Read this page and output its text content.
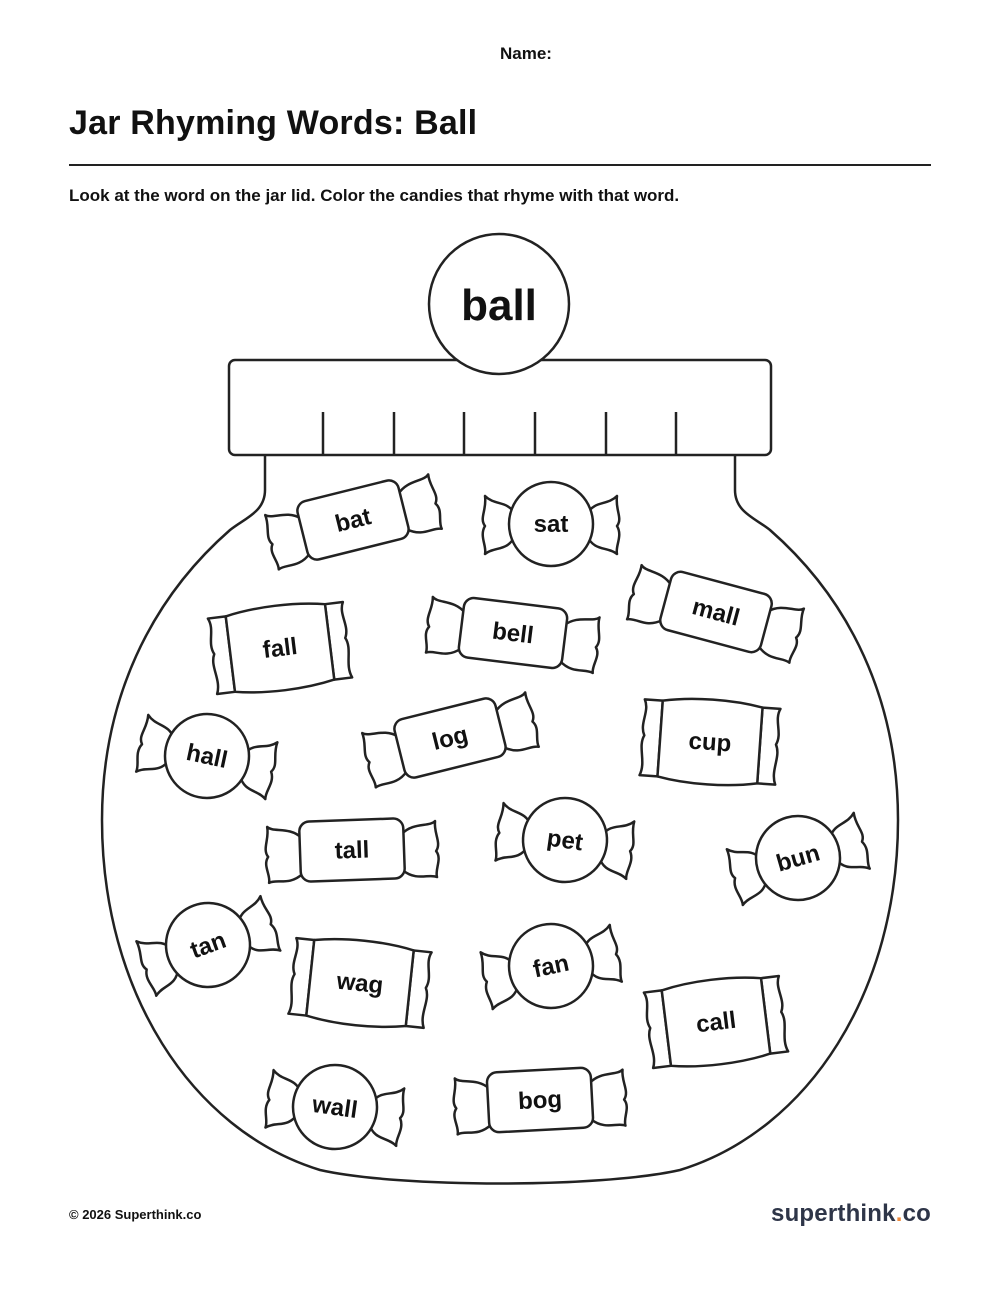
Name:
Jar Rhyming Words: Ball
Look at the word on the jar lid. Color the candies that rhyme with that word.
ball
bat	sat
mall
fall	bell
hall
log	cup
tall	pet	bun
tan
wag
fan
call
wall	bog
© 2026 Superthink.co	superthink.co
